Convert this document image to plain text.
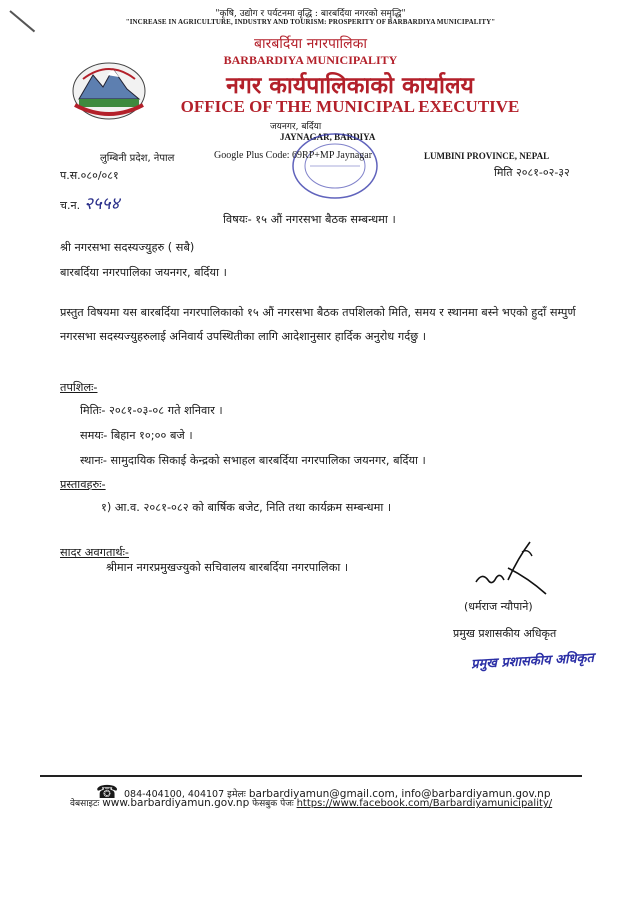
"कृषि, उद्योग र पर्यटनमा वृद्धि : बारबर्दिया नगरको समृद्धि"
"INCREASE IN AGRICULTURE, INDUSTRY AND TOURISM: PROSPERITY OF BARBARDIYA MUNICIPALITY"
बारबर्दिया नगरपालिका
BARBARDIYA MUNICIPALITY
नगर कार्यपालिकाको कार्यालय
OFFICE OF THE MUNICIPAL EXECUTIVE
जयनगर, बर्दिया
JAYNAGAR, BARDIYA
लुम्बिनी प्रदेश, नेपाल	Google Plus Code: 69RP+MP Jaynagar	LUMBINI PROVINCE, NEPAL
मिति २०८१-०२-३२
प.स.०८०/०८१
च.न. २५५४
विषयः- १५ औं नगरसभा बैठक सम्बन्धमा ।
श्री नगरसभा सदस्यज्युहरु ( सबै)
बारबर्दिया नगरपालिका जयनगर, बर्दिया ।
प्रस्तुत विषयमा यस बारबर्दिया नगरपालिकाको १५ औं नगरसभा बैठक तपशिलको मिति, समय र स्थानमा बस्ने भएको हुदाँ सम्पुर्ण नगरसभा सदस्यज्युहरुलाई अनिवार्य उपस्थितीका लागि आदेशानुसार हार्दिक अनुरोध गर्दछु ।
तपशिलः-
मितिः- २०८१-०३-०८ गते शनिवार ।
समयः- बिहान १०;०० बजे ।
स्थानः- सामुदायिक सिकाई केन्द्रको सभाहल बारबर्दिया नगरपालिका जयनगर, बर्दिया ।
प्रस्तावहरुः-
१) आ.व. २०८१-०८२ को बार्षिक बजेट, निति तथा कार्यक्रम सम्बन्धमा ।
सादर अवगतार्थः-
श्रीमान नगरप्रमुखज्युको सचिवालय बारबर्दिया नगरपालिका ।
(धर्मराज न्यौपाने)
प्रमुख प्रशासकीय अधिकृत
प्रमुख प्रशासकीय अधिकृत
☎ 084-404100, 404107 इमेलः barbardiyamun@gmail.com, info@barbardiyamun.gov.np
वेबसाइटः www.barbardiyamun.gov.np फेसबुक पेजः https://www.facebook.com/Barbardiyamunicipality/
